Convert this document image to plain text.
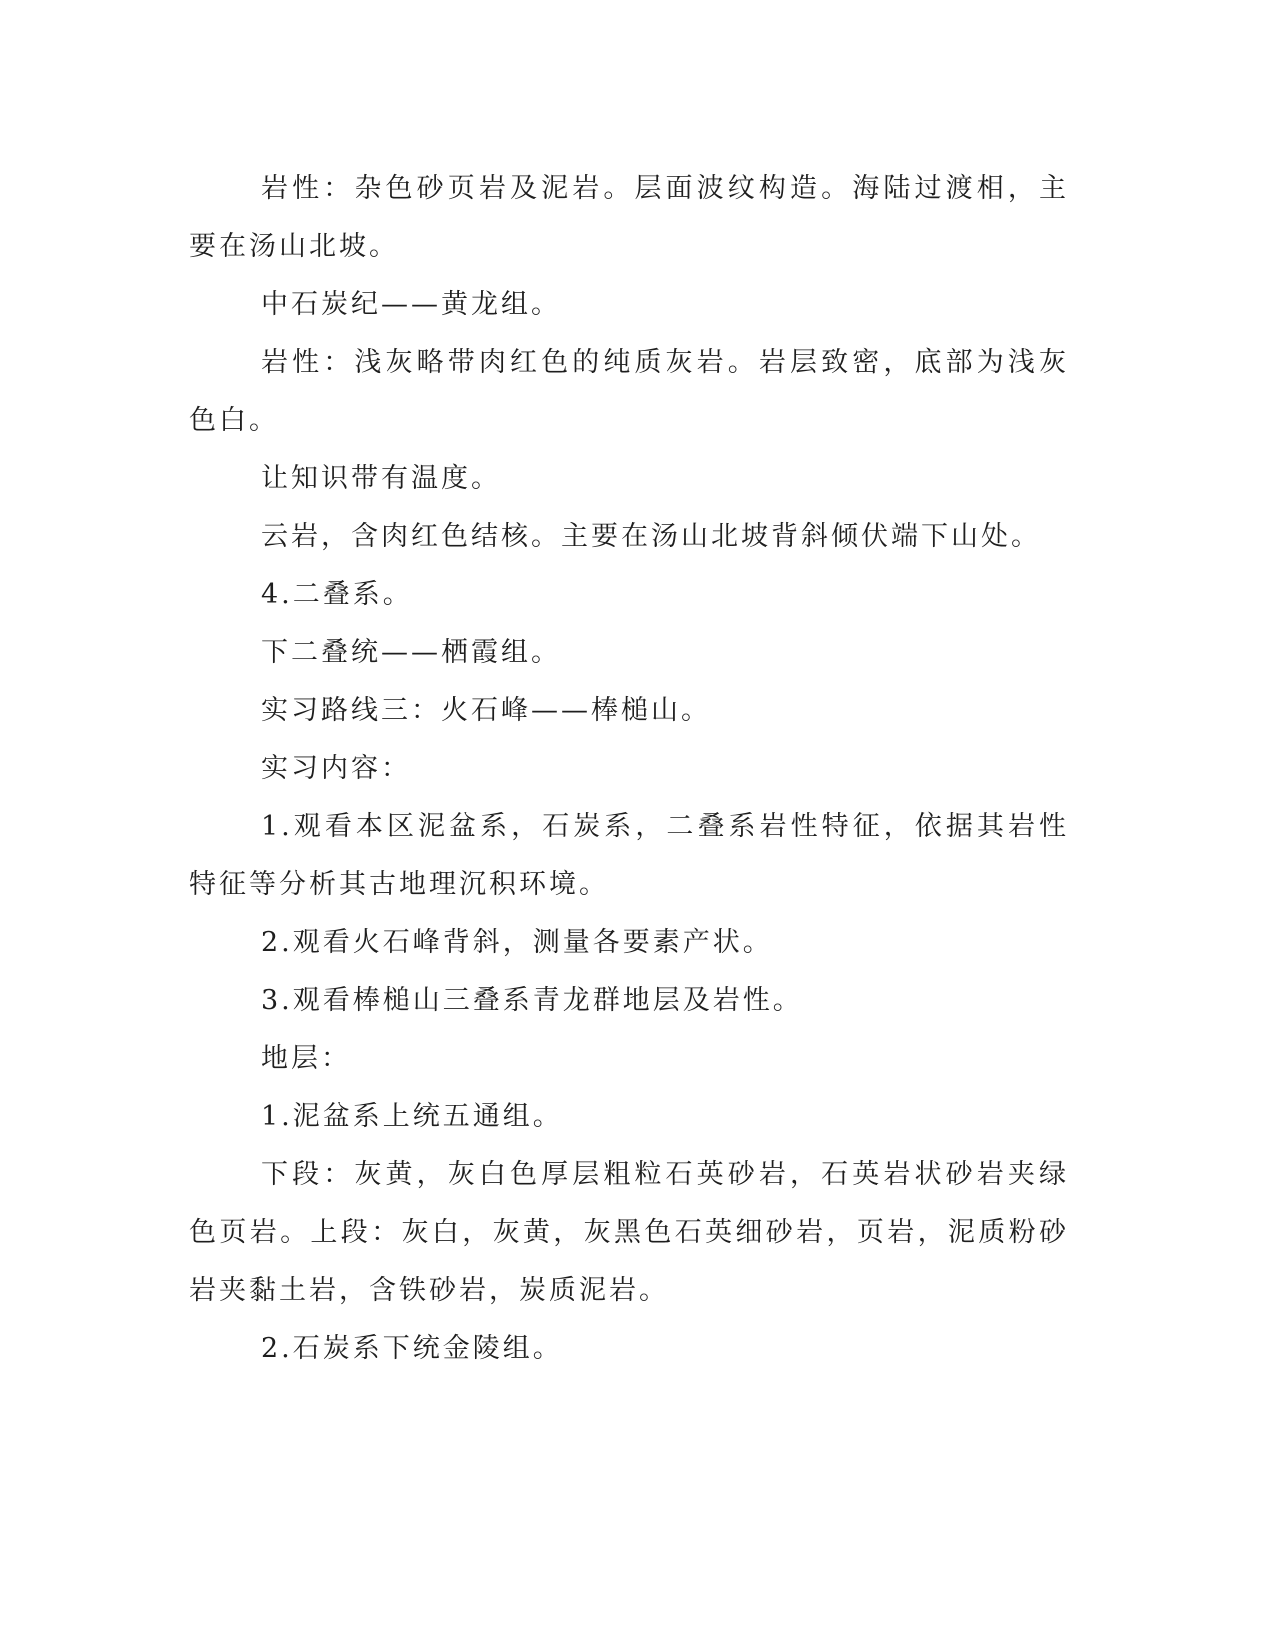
岩性：杂色砂页岩及泥岩。层面波纹构造。海陆过渡相，主要在汤山北坡。

中石炭纪——黄龙组。

岩性：浅灰略带肉红色的纯质灰岩。岩层致密，底部为浅灰色白。

让知识带有温度。

云岩，含肉红色结核。主要在汤山北坡背斜倾伏端下山处。

4.二叠系。

下二叠统——栖霞组。

实习路线三：火石峰——棒槌山。

实习内容：

1.观看本区泥盆系，石炭系，二叠系岩性特征，依据其岩性特征等分析其古地理沉积环境。

2.观看火石峰背斜，测量各要素产状。

3.观看棒槌山三叠系青龙群地层及岩性。

地层：

1.泥盆系上统五通组。

下段：灰黄，灰白色厚层粗粒石英砂岩，石英岩状砂岩夹绿色页岩。上段：灰白，灰黄，灰黑色石英细砂岩，页岩，泥质粉砂岩夹黏土岩，含铁砂岩，炭质泥岩。

2.石炭系下统金陵组。
